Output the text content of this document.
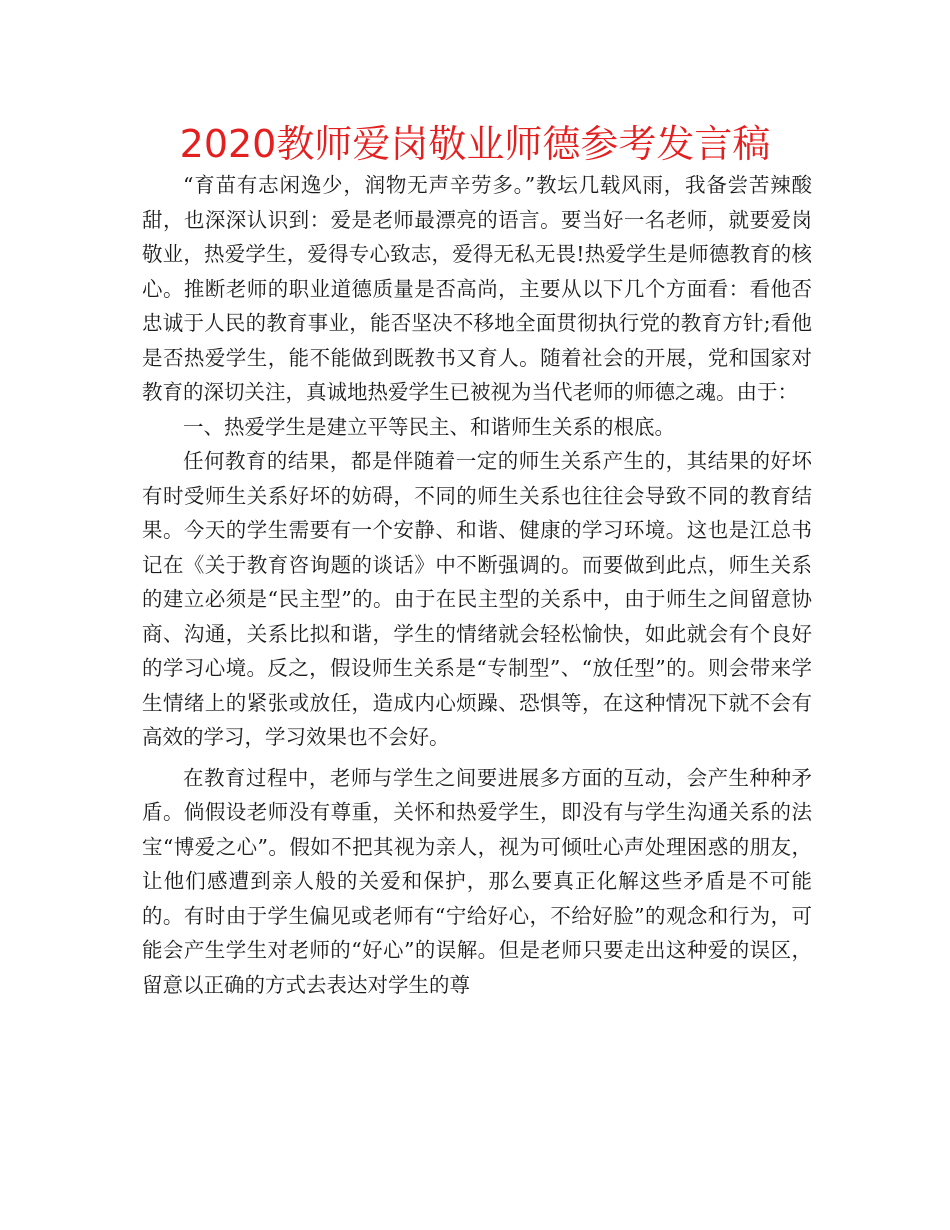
2020教师爱岗敬业师德参考发言稿

“育苗有志闲逸少，润物无声辛劳多。”教坛几载风雨，我备尝苦辣酸甜，也深深认识到：爱是老师最漂亮的语言。要当好一名老师，就要爱岗敬业，热爱学生，爱得专心致志，爱得无私无畏!热爱学生是师德教育的核心。推断老师的职业道德质量是否高尚，主要从以下几个方面看：看他否忠诚于人民的教育事业，能否坚决不移地全面贯彻执行党的教育方针;看他是否热爱学生，能不能做到既教书又育人。随着社会的开展，党和国家对教育的深切关注，真诚地热爱学生已被视为当代老师的师德之魂。由于：

一、热爱学生是建立平等民主、和谐师生关系的根底。

任何教育的结果，都是伴随着一定的师生关系产生的，其结果的好坏有时受师生关系好坏的妨碍，不同的师生关系也往往会导致不同的教育结果。今天的学生需要有一个安静、和谐、健康的学习环境。这也是江总书记在《关于教育咨询题的谈话》中不断强调的。而要做到此点，师生关系的建立必须是“民主型”的。由于在民主型的关系中，由于师生之间留意协商、沟通，关系比拟和谐，学生的情绪就会轻松愉快，如此就会有个良好的学习心境。反之，假设师生关系是“专制型”、“放任型”的。则会带来学生情绪上的紧张或放任，造成内心烦躁、恐惧等，在这种情况下就不会有高效的学习，学习效果也不会好。

在教育过程中，老师与学生之间要进展多方面的互动，会产生种种矛盾。倘假设老师没有尊重，关怀和热爱学生，即没有与学生沟通关系的法宝“博爱之心”。假如不把其视为亲人，视为可倾吐心声处理困惑的朋友，让他们感遭到亲人般的关爱和保护，那么要真正化解这些矛盾是不可能的。有时由于学生偏见或老师有“宁给好心，不给好脸”的观念和行为，可能会产生学生对老师的“好心”的误解。但是老师只要走出这种爱的误区，留意以正确的方式去表达对学生的尊
